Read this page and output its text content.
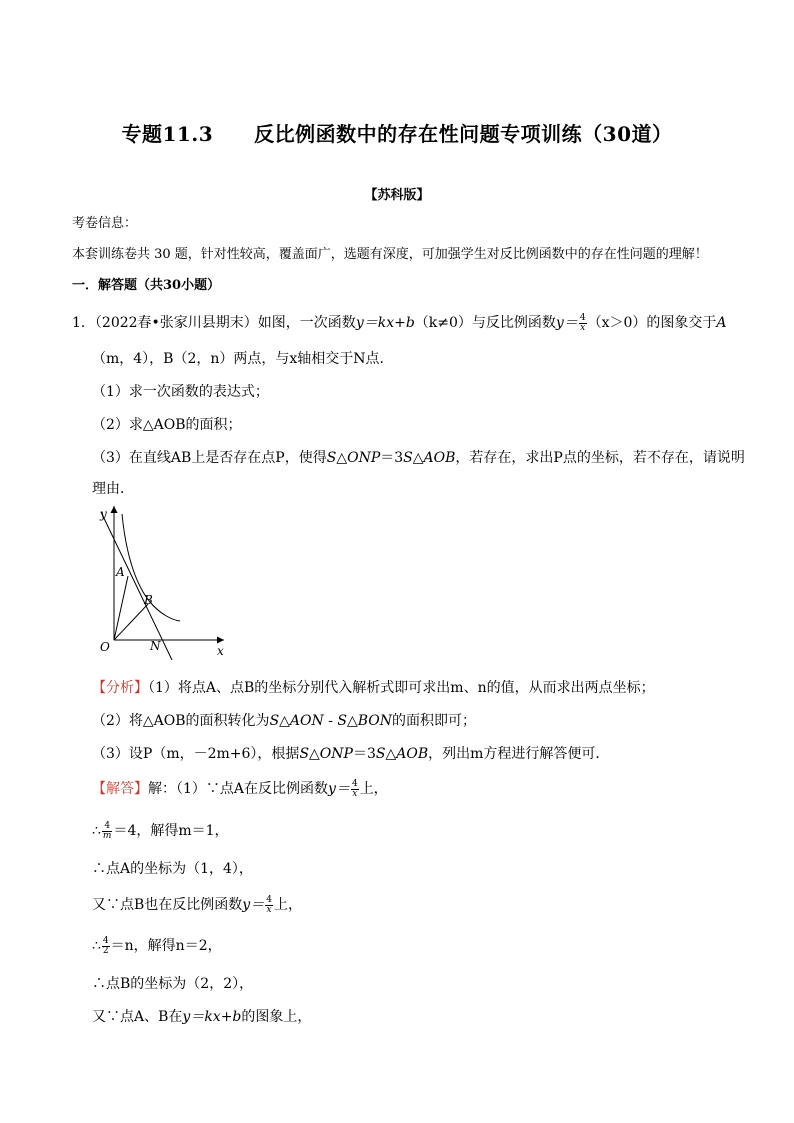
专题11.3　　反比例函数中的存在性问题专项训练（30道）
【苏科版】
考卷信息：
本套训练卷共 30 题，针对性较高，覆盖面广，选题有深度，可加强学生对反比例函数中的存在性问题的理解！
一．解答题（共30小题）
1．（2022春•张家川县期末）如图，一次函数y＝kx+b（k≠0）与反比例函数$y= \frac{4}{x} (x>0)$的图象交于A
（m，4），B（2，n）两点，与x轴相交于N点．
（1）求一次函数的表达式；
（2）求△AOB的面积；
（3）在直线AB上是否存在点P，使得S△ONP＝3S△AOB，若存在，求出P点的坐标，若不存在，请说明
理由．
y
x
O
A
B
N
【分析】（1）将点A、点B的坐标分别代入解析式即可求出m、n的值，从而求出两点坐标；
（2）将△AOB的面积转化为S△AON - S△BON的面积即可；
（3）设P（m，－2m+6），根据S△ONP＝3S△AOB，列出m方程进行解答便可．
【解答】解：（1）∵点A在反比例函数$y= \frac{4}{x}$ 上，
∴ $\frac{4}{m} =4$，解得m＝1，
∴点A的坐标为（1，4），
又∵点B也在反比例函数$y= \frac{4}{x}$ 上，
∴ $\frac{4}{2} =n$，解得n＝2，
∴点B的坐标为（2，2），
又∵点A、B在y＝kx+b的图象上，
